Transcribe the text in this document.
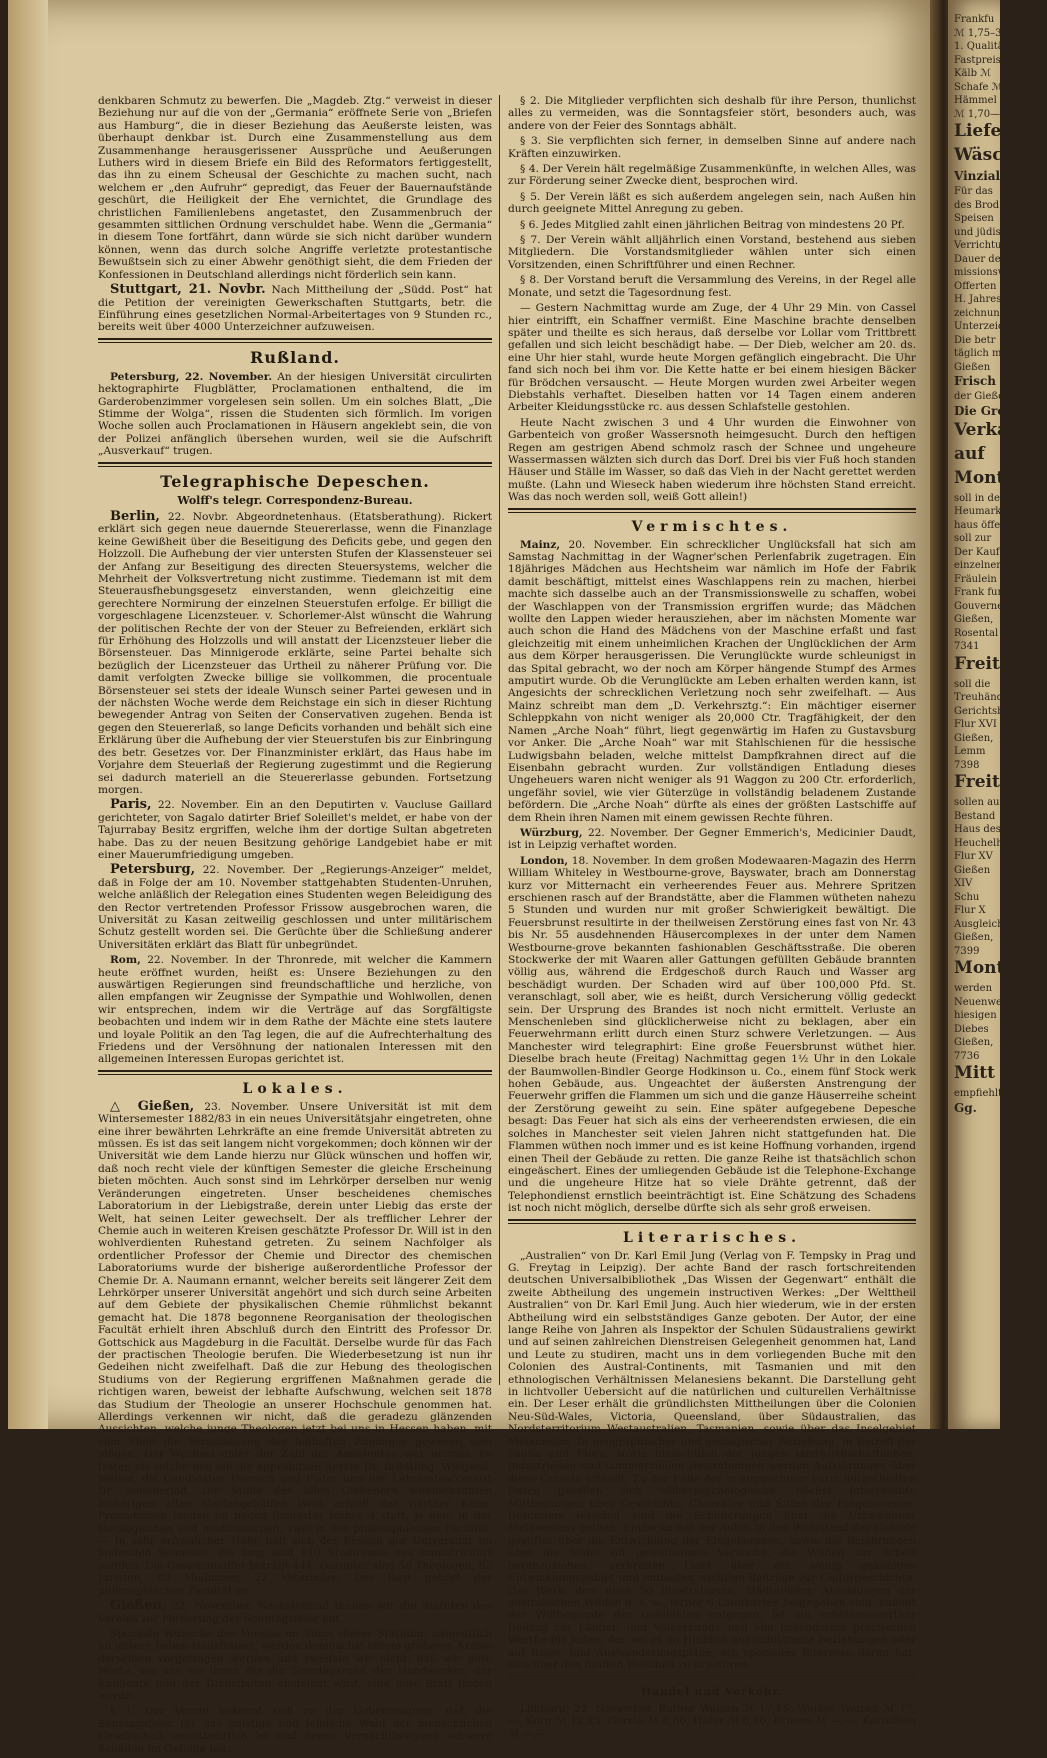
denkbaren Schmutz zu bewerfen. Die „Magdeb. Ztg.“ verweist in dieser Beziehung nur auf die von der „Germania“ eröffnete Serie von „Briefen aus Hamburg“, die in dieser Beziehung das Aeußerste leisten, was überhaupt denkbar ist. Durch eine Zusammenstellung aus dem Zusammenhange herausgerissener Aussprüche und Aeußerungen Luthers wird in diesem Briefe ein Bild des Reformators fertiggestellt, das ihn zu einem Scheusal der Geschichte zu machen sucht, nach welchem er „den Aufruhr“ gepredigt, das Feuer der Bauernaufstände geschürt, die Heiligkeit der Ehe vernichtet, die Grundlage des christlichen Familienlebens angetastet, den Zusammenbruch der gesammten sittlichen Ordnung verschuldet habe. Wenn die „Germania“ in diesem Tone fortfährt, dann würde sie sich nicht darüber wundern können, wenn das durch solche Angriffe verletzte protestantische Bewußtsein sich zu einer Abwehr genöthigt sieht, die dem Frieden der Konfessionen in Deutschland allerdings nicht förderlich sein kann.

Stuttgart, 21. Novbr. Nach Mittheilung der „Südd. Post“ hat die Petition der vereinigten Gewerkschaften Stuttgarts, betr. die Einführung eines gesetzlichen Normal-Arbeitertages von 9 Stunden rc., bereits weit über 4000 Unterzeichner aufzuweisen.

Rußland.

Petersburg, 22. November. An der hiesigen Universität circulirten hektographirte Flugblätter, Proclamationen enthaltend, die im Garderobenzimmer vorgelesen sein sollen. Um ein solches Blatt, „Die Stimme der Wolga“, rissen die Studenten sich förmlich. Im vorigen Woche sollen auch Proclamationen in Häusern angeklebt sein, die von der Polizei anfänglich übersehen wurden, weil sie die Aufschrift „Ausverkauf“ trugen.

Telegraphische Depeschen.
Wolff's telegr. Correspondenz-Bureau.

Berlin, 22. Novbr. Abgeordnetenhaus. (Etatsberathung). Rickert erklärt sich gegen neue dauernde Steuererlasse, wenn die Finanzlage keine Gewißheit über die Beseitigung des Deficits gebe, und gegen den Holzzoll. Die Aufhebung der vier untersten Stufen der Klassensteuer sei der Anfang zur Beseitigung des directen Steuersystems, welcher die Mehrheit der Volksvertretung nicht zustimme. Tiedemann ist mit dem Steuerausfhebungsgesetz einverstanden, wenn gleichzeitig eine gerechtere Normirung der einzelnen Steuerstufen erfolge. Er billigt die vorgeschlagene Licenzsteuer. v. Schorlemer-Alst wünscht die Wahrung der politischen Rechte der von der Steuer zu Befreienden, erklärt sich für Erhöhung des Holzzolls und will anstatt der Licenzsteuer lieber die Börsensteuer. Das Minnigerode erklärte, seine Partei behalte sich bezüglich der Licenzsteuer das Urtheil zu näherer Prüfung vor. Die damit verfolgten Zwecke billige sie vollkommen, die procentuale Börsensteuer sei stets der ideale Wunsch seiner Partei gewesen und in der nächsten Woche werde dem Reichstage ein sich in dieser Richtung bewegender Antrag von Seiten der Conservativen zugehen. Benda ist gegen den Steuererlaß, so lange Deficits vorhanden und behält sich eine Erklärung über die Aufhebung der vier Steuerstufen bis zur Einbringung des betr. Gesetzes vor. Der Finanzminister erklärt, das Haus habe im Vorjahre dem Steuerlaß der Regierung zugestimmt und die Regierung sei dadurch materiell an die Steuererlasse gebunden. Fortsetzung morgen.

Paris, 22. November. Ein an den Deputirten v. Vaucluse Gaillard gerichteter, von Sagalo datirter Brief Soleillet's meldet, er habe von der Tajurrabay Besitz ergriffen, welche ihm der dortige Sultan abgetreten habe. Das zu der neuen Besitzung gehörige Landgebiet habe er mit einer Mauerumfriedigung umgeben.

Petersburg, 22. November. Der „Regierungs-Anzeiger“ meldet, daß in Folge der am 10. November stattgehabten Studenten-Unruhen, welche anläßlich der Relegation eines Studenten wegen Beleidigung des den Rector vertretenden Professor Frissow ausgebrochen waren, die Universität zu Kasan zeitweilig geschlossen und unter militärischem Schutz gestellt worden sei. Die Gerüchte über die Schließung anderer Universitäten erklärt das Blatt für unbegründet.

Rom, 22. November. In der Thronrede, mit welcher die Kammern heute eröffnet wurden, heißt es: Unsere Beziehungen zu den auswärtigen Regierungen sind freundschaftliche und herzliche, von allen empfangen wir Zeugnisse der Sympathie und Wohlwollen, denen wir entsprechen, indem wir die Verträge auf das Sorgfältigste beobachten und indem wir in dem Rathe der Mächte eine stets lautere und loyale Politik an den Tag legen, die auf die Aufrechterhaltung des Friedens und der Versöhnung der nationalen Interessen mit den allgemeinen Interessen Europas gerichtet ist.

Lokales.

△ Gießen, 23. November. Unsere Universität ist mit dem Wintersemester 1882/83 in ein neues Universitätsjahr eingetreten, ohne eine ihrer bewährten Lehrkräfte an eine fremde Universität abtreten zu müssen. Es ist das seit langem nicht vorgekommen; doch können wir der Universität wie dem Lande hierzu nur Glück wünschen und hoffen wir, daß noch recht viele der künftigen Semester die gleiche Erscheinung bieten möchten. Auch sonst sind im Lehrkörper derselben nur wenig Veränderungen eingetreten. Unser bescheidenes chemisches Laboratorium in der Liebigstraße, derein unter Liebig das erste der Welt, hat seinen Leiter gewechselt. Der als trefflicher Lehrer der Chemie auch in weiteren Kreisen geschätzte Professor Dr. Will ist in den wohlverdienten Ruhestand getreten. Zu seinem Nachfolger als ordentlicher Professor der Chemie und Director des chemischen Laboratoriums wurde der bisherige außerordentliche Professor der Chemie Dr. A. Naumann ernannt, welcher bereits seit längerer Zeit dem Lehrkörper unserer Universität angehört und sich durch seine Arbeiten auf dem Gebiete der physikalischen Chemie rühmlichst bekannt gemacht hat. Die 1878 begonnene Reorganisation der theologischen Facultät erhielt ihren Abschluß durch den Eintritt des Professor Dr. Gottschick aus Magdeburg in die Facultät. Derselbe wurde für das Fach der practischen Theologie berufen. Die Wiederbesetzung ist nun ihr Gedeihen nicht zweifelhaft. Daß die zur Hebung des theologischen Studiums von der Regierung ergriffenen Maßnahmen gerade die richtigen waren, beweist der lebhafte Aufschwung, welchen seit 1878 das Studium der Theologie an unserer Hochschule genommen hat. Allerdings verkennen wir nicht, daß die geradezu glänzenden Aussichten, welche junge Theologen jetzt bei uns in Hessen haben, mit zum Theil die Veranlassung des lebhaften Zuganges gewesen sein mögen. Der Wechsel unter der Zahl der Assistenten war normal. Es traten als solche neu ein die approbirten Aerzte Dr. Brödtling, Wiegand, Walser, die Candidaten Duetsch und Pistor und der Lehramtsaccessist Dr. Sommerlad. Die Stelle des allen Gießenern wohlbekannten bisherigen alten Gartengehülfen Weiß erhielt der Gärtner Köhn. Promotionen fanden im neuen Semester bisher 4 statt, je eine in der theologischen und medicinischen, zwei in der philosophischen Facultät. — In sehr erfreulicher Höhe hält sich der Besuch der Universität im laufenden Semester. Bis lang sind 110 Studirende neu immatriculirt worden. Die Gesammtziffer beträgt 444. Darunter sind 58 Theologen, 62 Juristen, 83 Mediciner, 22 Veterinäre. Der Rest gehört der philosophischen Facultät an.

Gießen, 23. November. Nachstehend theilen wir die Statuten des Vereins zur Förderung der Sonntagsfeier mit.

Specielle Wünsche des Vereins im Sinne dieser Statuten, namentlich an unsere lieben Hausfrauen, werden demnächst einem größeren Kreise derselben vorgetragen werden und zweifeln wir nicht, daß wir gute Worte, wo uns sie ihnen für die Sonntagsruhe der Handwerker, der Kaufleute und der Dienstboten eingelegt wird, eine gute Statt finden werde.

§ 1. Der Verein bekennt sich zu der Ueberzeugung, daß die Sonntagsfeier für das geistige und leibliche Wohl der menschlichen Gesellschaft unentbehrlich ist und deren Vernachlässigung schwere Schäden im Gefolge hat.

§ 2. Die Mitglieder verpflichten sich deshalb für ihre Person, thunlichst alles zu vermeiden, was die Sonntagsfeier stört, besonders auch, was andere von der Feier des Sonntags abhält.

§ 3. Sie verpflichten sich ferner, in demselben Sinne auf andere nach Kräften einzuwirken.

§ 4. Der Verein hält regelmäßige Zusammenkünfte, in welchen Alles, was zur Förderung seiner Zwecke dient, besprochen wird.

§ 5. Der Verein läßt es sich außerdem angelegen sein, nach Außen hin durch geeignete Mittel Anregung zu geben.

§ 6. Jedes Mitglied zahlt einen jährlichen Beitrag von mindestens 20 Pf.

§ 7. Der Verein wählt alljährlich einen Vorstand, bestehend aus sieben Mitgliedern. Die Vorstandsmitglieder wählen unter sich einen Vorsitzenden, einen Schriftführer und einen Rechner.

§ 8. Der Vorstand beruft die Versammlung des Vereins, in der Regel alle Monate, und setzt die Tagesordnung fest.

— Gestern Nachmittag wurde am Zuge, der 4 Uhr 29 Min. von Cassel hier eintrifft, ein Schaffner vermißt. Eine Maschine brachte denselben später und theilte es sich heraus, daß derselbe vor Lollar vom Trittbrett gefallen und sich leicht beschädigt habe. — Der Dieb, welcher am 20. ds. eine Uhr hier stahl, wurde heute Morgen gefänglich eingebracht. Die Uhr fand sich noch bei ihm vor. Die Kette hatte er bei einem hiesigen Bäcker für Brödchen versauscht. — Heute Morgen wurden zwei Arbeiter wegen Diebstahls verhaftet. Dieselben hatten vor 14 Tagen einem anderen Arbeiter Kleidungsstücke rc. aus dessen Schlafstelle gestohlen.

Heute Nacht zwischen 3 und 4 Uhr wurden die Einwohner von Garbenteich von großer Wassersnoth heimgesucht. Durch den heftigen Regen am gestrigen Abend schmolz rasch der Schnee und ungeheure Wassermassen wälzten sich durch das Dorf. Drei bis vier Fuß hoch standen Häuser und Ställe im Wasser, so daß das Vieh in der Nacht gerettet werden mußte. (Lahn und Wieseck haben wiederum ihre höchsten Stand erreicht. Was das noch werden soll, weiß Gott allein!)

Vermischtes.

Mainz, 20. November. Ein schrecklicher Unglücksfall hat sich am Samstag Nachmittag in der Wagner'schen Perlenfabrik zugetragen. Ein 18jähriges Mädchen aus Hechtsheim war nämlich im Hofe der Fabrik damit beschäftigt, mittelst eines Waschlappens rein zu machen, hierbei machte sich dasselbe auch an der Transmissionswelle zu schaffen, wobei der Waschlappen von der Transmission ergriffen wurde; das Mädchen wollte den Lappen wieder herausziehen, aber im nächsten Momente war auch schon die Hand des Mädchens von der Maschine erfaßt und fast gleichzeitig mit einem unheimlichen Krachen der Unglücklichen der Arm aus dem Körper herausgerissen. Die Verunglückte wurde schleunigst in das Spital gebracht, wo der noch am Körper hängende Stumpf des Armes amputirt wurde. Ob die Verunglückte am Leben erhalten werden kann, ist Angesichts der schrecklichen Verletzung noch sehr zweifelhaft. — Aus Mainz schreibt man dem „D. Verkehrsztg.“: Ein mächtiger eiserner Schleppkahn von nicht weniger als 20,000 Ctr. Tragfähigkeit, der den Namen „Arche Noah“ führt, liegt gegenwärtig im Hafen zu Gustavsburg vor Anker. Die „Arche Noah“ war mit Stahlschienen für die hessische Ludwigsbahn beladen, welche mittelst Dampfkrahnen direct auf die Eisenbahn gebracht wurden. Zur vollständigen Entladung dieses Ungeheuers waren nicht weniger als 91 Waggon zu 200 Ctr. erforderlich, ungefähr soviel, wie vier Güterzüge in vollständig beladenem Zustande befördern. Die „Arche Noah“ dürfte als eines der größten Lastschiffe auf dem Rhein ihren Namen mit einem gewissen Rechte führen.

Würzburg, 22. November. Der Gegner Emmerich's, Medicinier Daudt, ist in Leipzig verhaftet worden.

London, 18. November. In dem großen Modewaaren-Magazin des Herrn William Whiteley in Westbourne-grove, Bayswater, brach am Donnerstag kurz vor Mitternacht ein verheerendes Feuer aus. Mehrere Spritzen erschienen rasch auf der Brandstätte, aber die Flammen wütheten nahezu 5 Stunden und wurden nur mit großer Schwierigkeit bewältigt. Die Feuersbrunst resultirte in der theilweisen Zerstörung eines fast von Nr. 43 bis Nr. 55 ausdehnenden Häusercomplexes in der unter dem Namen Westbourne-grove bekannten fashionablen Geschäftsstraße. Die oberen Stockwerke der mit Waaren aller Gattungen gefüllten Gebäude brannten völlig aus, während die Erdgeschoß durch Rauch und Wasser arg beschädigt wurden. Der Schaden wird auf über 100,000 Pfd. St. veranschlagt, soll aber, wie es heißt, durch Versicherung völlig gedeckt sein. Der Ursprung des Brandes ist noch nicht ermittelt. Verluste an Menschenleben sind glücklicherweise nicht zu beklagen, aber ein Feuerwehrmann erlitt durch einen Sturz schwere Verletzungen. — Aus Manchester wird telegraphirt: Eine große Feuersbrunst wüthet hier. Dieselbe brach heute (Freitag) Nachmittag gegen 1½ Uhr in den Lokale der Baumwollen-Bindler George Hodkinson u. Co., einem fünf Stock werk hohen Gebäude, aus. Ungeachtet der äußersten Anstrengung der Feuerwehr griffen die Flammen um sich und die ganze Häuserreihe scheint der Zerstörung geweiht zu sein. Eine später aufgegebene Depesche besagt: Das Feuer hat sich als eins der verheerendsten erwiesen, die ein solches in Manchester seit vielen Jahren nicht stattgefunden hat. Die Flammen wüthen noch immer und es ist keine Hoffnung vorhanden, irgend einen Theil der Gebäude zu retten. Die ganze Reihe ist thatsächlich schon eingeäschert. Eines der umliegenden Gebäude ist die Telephone-Exchange und die ungeheure Hitze hat so viele Drähte getrennt, daß der Telephondienst ernstlich beeinträchtigt ist. Eine Schätzung des Schadens ist noch nicht möglich, derselbe dürfte sich als sehr groß erweisen.

Literarisches.

„Australien“ von Dr. Karl Emil Jung (Verlag von F. Tempsky in Prag und G. Freytag in Leipzig). Der achte Band der rasch fortschreitenden deutschen Universalbibliothek „Das Wissen der Gegenwart“ enthält die zweite Abtheilung des ungemein instructiven Werkes: „Der Welttheil Australien“ von Dr. Karl Emil Jung. Auch hier wiederum, wie in der ersten Abtheilung wird ein selbstständiges Ganze geboten. Der Autor, der eine lange Reihe von Jahren als Inspektor der Schulen Südaustraliens gewirkt und auf seinen zahlreichen Dienstreisen Gelegenheit genommen hat, Land und Leute zu studiren, macht uns in dem vorliegenden Buche mit den Colonien des Austral-Continents, mit Tasmanien und mit den ethnologischen Verhältnissen Melanesiens bekannt. Die Darstellung geht in lichtvoller Uebersicht auf die natürlichen und culturellen Verhältnisse ein. Der Leser erhält die gründlichsten Mittheilungen über die Colonien Neu-Süd-Wales, Victoria, Queensland, über Südaustralien, das Nordsterritorium Westaustralien, Tasmanien, sowie über das Inselgebiet Melanesien. In geographischer und geologischer Beziehung, in Betreff der Fauna und Flora, sowie hinsichtlich der jungen landwirthschaftlichen, industriellen und commerziellen Bestrebungen werden Aufklärungen über diese Gebiete ertheilt. Zu der Fülle der in angenehmer Form mitgetheilten Daten gesellen sich völkerpsychologische, höchst interessante Mittheilungen über Geschichte, Charakter und Sitten der Eingeborenen. Besonders fesselnd sind die Schilderungen über die Urbewohner Melanesiens gethan. Eindecke hat der Autor, in den Wohlstand der Gebiete gestiftet über die Entwicklung der Eingeborenen, sowie die Belehrungen über die leider oft gewaltsamen Versuche, die Wilden zur Arbeit heranzuziehen, verbreiten Licht über ein wenig gekanntes Entwicklungsgebiet und enthalten wichtige Beiträge zur Culturgeschichte. Das Werk, dem etwa 50 Illustrationen, Städtebilder, Abbildungen der australischen Wilden u. s. w., ferner 6 Landkarten beigegeben sind, kommt der Wißbegierde der Gebildeten entgegen, ist ein schätzenswerther Beitrag zur Länder- und Völkerkunde und von besonderem practischen Werthe für Jeden, der, sei es im Hinblick auf industrielle Beziehungen oder auf Reise- und Auswanderungspläne, ein specielles Interesse daran hat, sich über den fünften Welttheil zu orientiren.

Handel und Verkehr.

Limburg, 22. November. Rother Weizen ℳ 17,15, Weißer Weizen ℳ 17,—, Korn ℳ 12,25, Gerste ℳ 8,60, Hafer ℳ 6,40, Erbsen ℳ —,—, Kartoffeln ℳ —,—.

Frankfu
ℳ 1,75–3,75,
1. Qualität ℳ
Fastpreis ℳ
Kälb ℳ
Schafe ℳ 60–,70
Hämmel ℳ
ℳ 1,70—2,00.
Lieferung
Wäsche u
Vinzial
Für das
des Brod
Speisen
und jüdisch
Verrichtu
Dauer des
missionsweg
Offerten
H. Jahres
zeichnung.
Unterzeichn
Die betr
täglich mor
Gießen
Frisch
der Gießen
Die Gro
Verkau
auf
Montag
soll in den
Heumarkte
haus öffent
soll zur
Der Kauf
einzelnen
Fräulein
Frank fur
Gouvernement
Gießen,
Rosental 42
7341
Freitag
soll die
Treuhänd
Gerichtsbezirk
Flur XVI
Gießen,
Lemm
7398
Freitag
sollen auf
Bestand
Haus des
Heuchelheim
Flur XV
Gießen
XIV
Schu
Flur X
Ausgleiche
Gießen,
7399
Montag
werden
Neuenweg
hiesigen
Diebes
Gießen,
7736
Mitt
empfiehlt
Gg.
